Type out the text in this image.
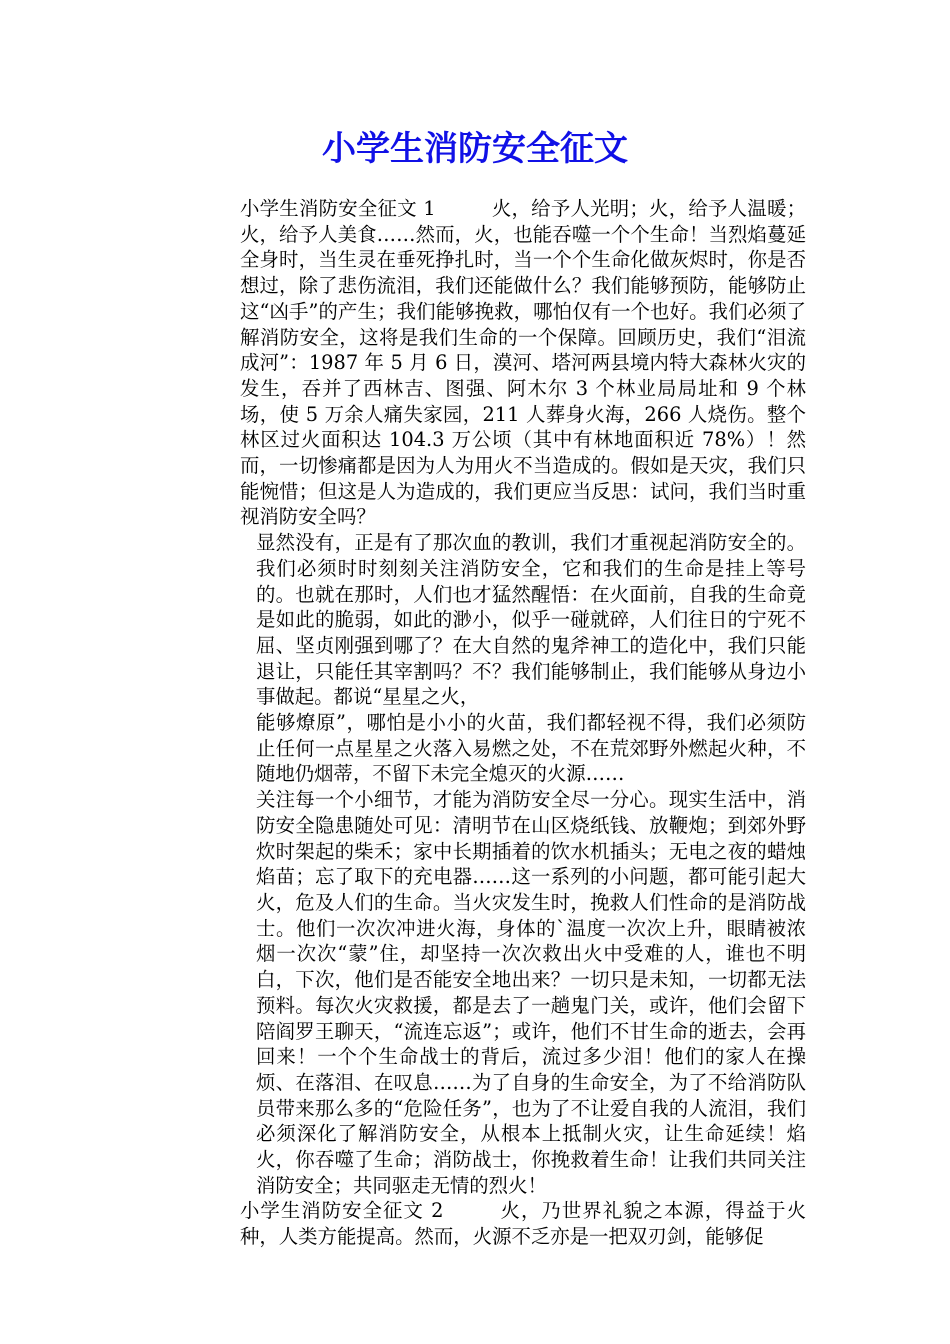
小学生消防安全征文

小学生消防安全征文 1	火，给予人光明；火，给予人温暖；火，给予人美食……然而，火，也能吞噬一个个生命！当烈焰蔓延全身时，当生灵在垂死挣扎时，当一个个生命化做灰烬时，你是否想过，除了悲伤流泪，我们还能做什么？我们能够预防，能够防止这“凶手”的产生；我们能够挽救，哪怕仅有一个也好。我们必须了解消防安全，这将是我们生命的一个保障。回顾历史，我们“泪流成河”：1987 年 5 月 6 日，漠河、塔河两县境内特大森林火灾的发生，吞并了西林吉、图强、阿木尔 3 个林业局局址和 9 个林场，使 5 万余人痛失家园，211 人葬身火海，266 人烧伤。整个林区过火面积达 104.3 万公顷（其中有林地面积近 78%）！然而，一切惨痛都是因为人为用火不当造成的。假如是天灾，我们只能惋惜；但这是人为造成的，我们更应当反思：试问，我们当时重视消防安全吗？

显然没有，正是有了那次血的教训，我们才重视起消防安全的。我们必须时时刻刻关注消防安全，它和我们的生命是挂上等号的。也就在那时，人们也才猛然醒悟：在火面前，自我的生命竟是如此的脆弱，如此的渺小，似乎一碰就碎，人们往日的宁死不屈、坚贞刚强到哪了？在大自然的鬼斧神工的造化中，我们只能退让，只能任其宰割吗？不？我们能够制止，我们能够从身边小事做起。都说“星星之火，

能够燎原”，哪怕是小小的火苗，我们都轻视不得，我们必须防止任何一点星星之火落入易燃之处，不在荒郊野外燃起火种，不随地仍烟蒂，不留下未完全熄灭的火源……

关注每一个小细节，才能为消防安全尽一分心。现实生活中，消防安全隐患随处可见：清明节在山区烧纸钱、放鞭炮；到郊外野炊时架起的柴禾；家中长期插着的饮水机插头；无电之夜的蜡烛焰苗；忘了取下的充电器……这一系列的小问题，都可能引起大火，危及人们的生命。当火灾发生时，挽救人们性命的是消防战士。他们一次次冲进火海，身体的`温度一次次上升，眼睛被浓烟一次次“蒙”住，却坚持一次次救出火中受难的人，谁也不明白，下次，他们是否能安全地出来？一切只是未知，一切都无法预料。每次火灾救援，都是去了一趟鬼门关，或许，他们会留下陪阎罗王聊天，“流连忘返”；或许，他们不甘生命的逝去，会再回来！一个个生命战士的背后，流过多少泪！他们的家人在操烦、在落泪、在叹息……为了自身的生命安全，为了不给消防队员带来那么多的“危险任务”，也为了不让爱自我的人流泪，我们必须深化了解消防安全，从根本上抵制火灾，让生命延续！焰火，你吞噬了生命；消防战士，你挽救着生命！让我们共同关注消防安全；共同驱走无情的烈火！

小学生消防安全征文 2	火，乃世界礼貌之本源，得益于火种，人类方能提高。然而，火源不乏亦是一把双刃剑，能够促
